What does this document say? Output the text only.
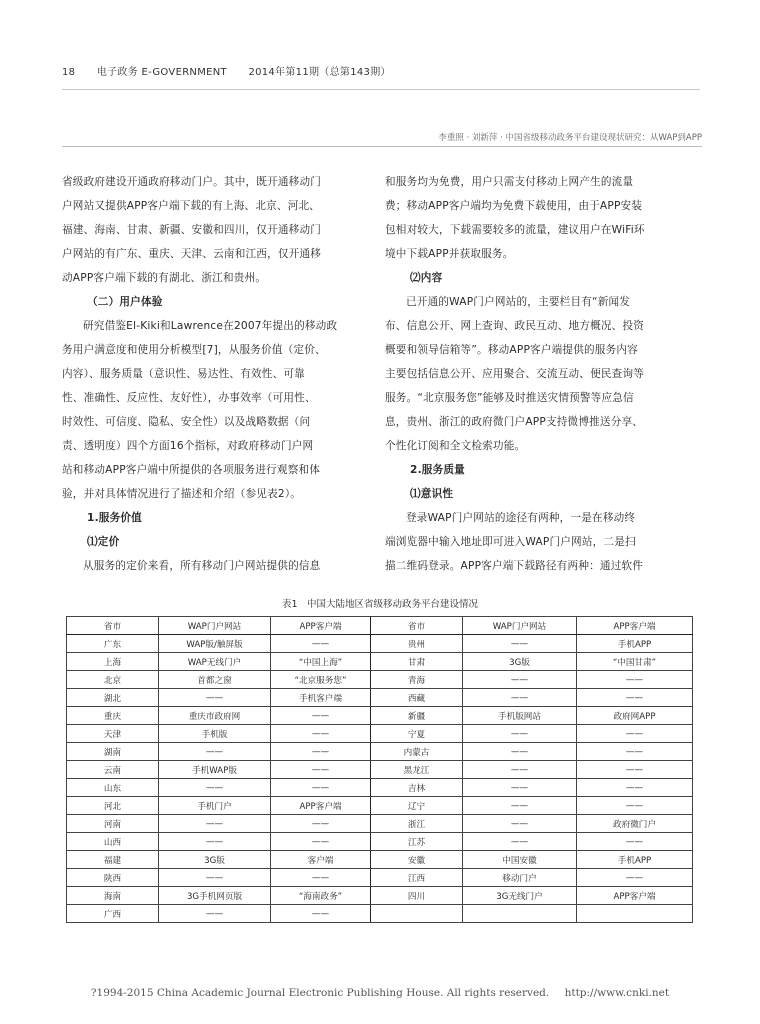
18 电子政务 E-GOVERNMENT 2014年第11期（总第143期）
李重照 · 刘新萍 · 中国省级移动政务平台建设现状研究：从WAP到APP
省级政府建设开通政府移动门户。其中，既开通移动门
户网站又提供APP客户端下载的有上海、北京、河北、
福建、海南、甘肃、新疆、安徽和四川，仅开通移动门
户网站的有广东、重庆、天津、云南和江西，仅开通移
动APP客户端下载的有湖北、浙江和贵州。
（二）用户体验
研究借鉴El-Kiki和Lawrence在2007年提出的移动政
务用户满意度和使用分析模型[7]，从服务价值（定价、
内容）、服务质量（意识性、易达性、有效性、可靠
性、准确性、反应性、友好性），办事效率（可用性、
时效性、可信度、隐私、安全性）以及战略数据（问
责、透明度）四个方面16个指标，对政府移动门户网
站和移动APP客户端中所提供的各项服务进行观察和体
验，并对具体情况进行了描述和介绍（参见表2）。
1.服务价值
⑴定价
从服务的定价来看，所有移动门户网站提供的信息
和服务均为免费，用户只需支付移动上网产生的流量
费；移动APP客户端均为免费下载使用，由于APP安装
包相对较大，下载需要较多的流量，建议用户在WiFi环
境中下载APP并获取服务。
⑵内容
已开通的WAP门户网站的，主要栏目有“新闻发
布、信息公开、网上查询、政民互动、地方概况、投资
概要和领导信箱等”。移动APP客户端提供的服务内容
主要包括信息公开、应用聚合、交流互动、便民查询等
服务。“北京服务您”能够及时推送灾情预警等应急信
息，贵州、浙江的政府微门户APP支持微博推送分享、
个性化订阅和全文检索功能。
2.服务质量
⑴意识性
登录WAP门户网站的途径有两种，一是在移动终
端浏览器中输入地址即可进入WAP门户网站，二是扫
描二维码登录。APP客户端下载路径有两种：通过软件
表1　中国大陆地区省级移动政务平台建设情况
省市	WAP门户网站	APP客户端	省市	WAP门户网站	APP客户端
广东	WAP版/触屏版	——	贵州	——	手机APP
上海	WAP无线门户	“中国上海”	甘肃	3G版	“中国甘肃”
北京	首都之窗	“北京服务您”	青海	——	——
湖北	——	手机客户端	西藏	——	——
重庆	重庆市政府网	——	新疆	手机版网站	政府网APP
天津	手机版	——	宁夏	——	——
湖南	——	——	内蒙古	——	——
云南	手机WAP版	——	黑龙江	——	——
山东	——	——	吉林	——	——
河北	手机门户	APP客户端	辽宁	——	——
河南	——	——	浙江	——	政府微门户
山西	——	——	江苏	——	——
福建	3G版	客户端	安徽	中国安徽	手机APP
陕西	——	——	江西	移动门户	——
海南	3G手机网页版	“海南政务”	四川	3G无线门户	APP客户端
广西	——	——			
?1994-2015 China Academic Journal Electronic Publishing House. All rights reserved. http://www.cnki.net
